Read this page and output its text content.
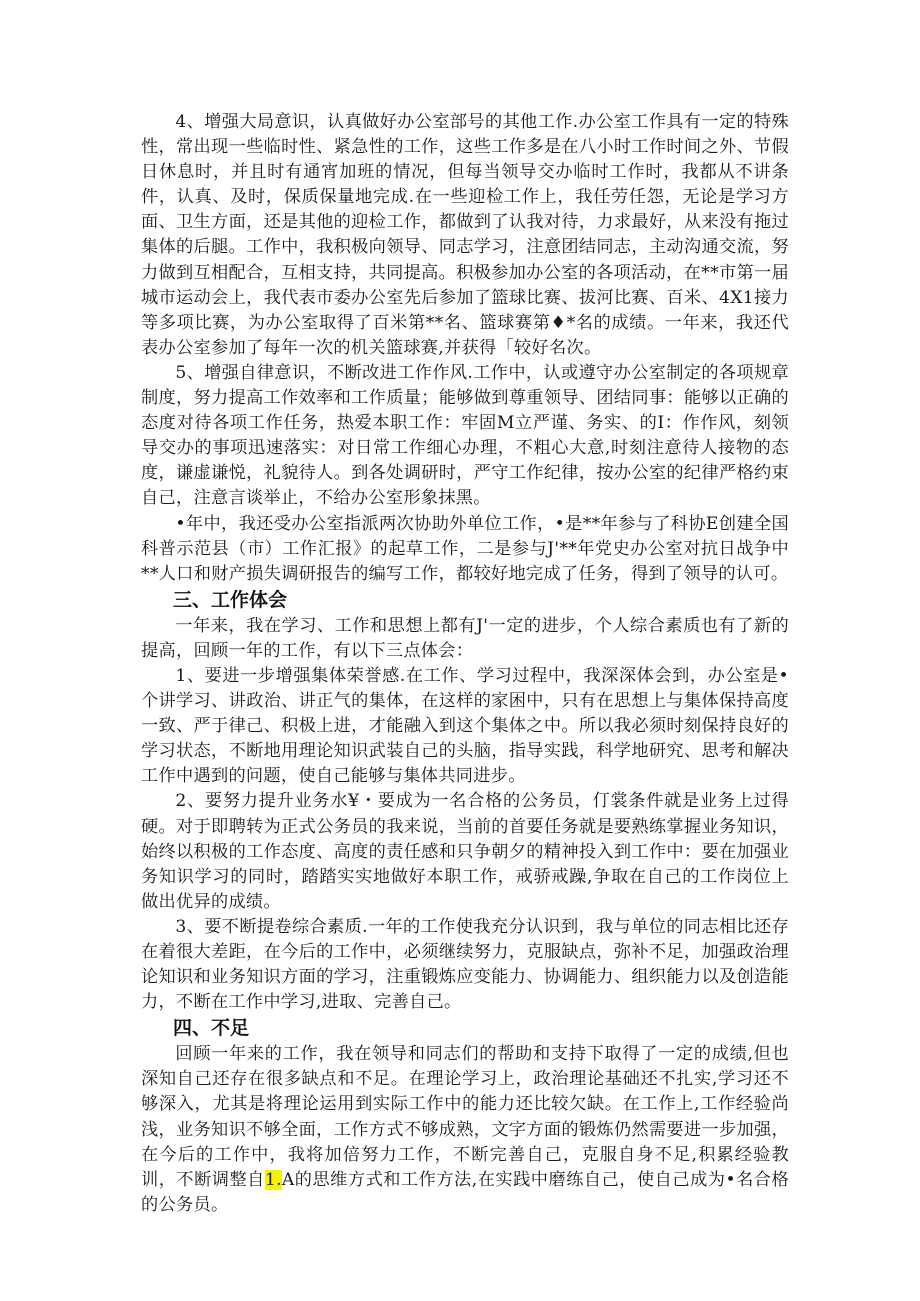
4、增强大局意识，认真做好办公室部号的其他工作.办公室工作具有一定的特殊性，常出现一些临时性、紧急性的工作，这些工作多是在八小时工作时间之外、节假日休息时，并且时有通宵加班的情况，但每当领导交办临时工作时，我都从不讲条件，认真、及时，保质保量地完成.在一些迎检工作上，我任劳任怨，无论是学习方面、卫生方面，还是其他的迎检工作，都做到了认我对待，力求最好，从来没有拖过集体的后腿。工作中，我积极向领导、同志学习，注意团结同志，主动沟通交流，努力做到互相配合，互相支持，共同提高。积极参加办公室的各项活动，在**市第一届城市运动会上，我代表市委办公室先后参加了篮球比赛、拔河比赛、百米、4X1接力等多项比赛，为办公室取得了百米第**名、篮球赛第♦*名的成绩。一年来，我还代表办公室参加了每年一次的机关篮球赛,并获得「较好名次。

5、增强自律意识，不断改进工作作风.工作中，认或遵守办公室制定的各项规章制度，努力提高工作效率和工作质量；能够做到尊重领导、团结同事：能够以正确的态度对待各项工作任务，热爱本职工作：牢固M立严谨、务实、的I：作作风，刻领导交办的事项迅速落实：对日常工作细心办理，不粗心大意,时刻注意待人接物的态度，谦虚谦悦，礼貌待人。到各处调研时，严守工作纪律，按办公室的纪律严格约束自己，注意言谈举止，不给办公室形象抹黑。

•年中，我还受办公室指派两次协助外单位工作，•是**年参与了科协E创建全国科普示范县（市）工作汇报》的起草工作，二是参与J'**年党史办公室对抗日战争中**人口和财产损失调研报告的编写工作，都较好地完成了任务，得到了领导的认可。

三、工作体会

一年来，我在学习、工作和思想上都有J'一定的进步，个人综合素质也有了新的提高，回顾一年的工作，有以下三点体会：

1、要进一步增强集体荣誉感.在工作、学习过程中，我深深体会到，办公室是•个讲学习、讲政治、讲正气的集体，在这样的家困中，只有在思想上与集体保持高度一致、严于律己、积极上进，才能融入到这个集体之中。所以我必须时刻保持良好的学习状态，不断地用理论知识武装自己的头脑，指导实践，科学地研究、思考和解决工作中遇到的问题，使自己能够与集体共同进步。

2、要努力提升业务水¥・要成为一名合格的公务员，仃裳条件就是业务上过得硬。对于即聘转为正式公务员的我来说，当前的首要任务就是要熟练掌握业务知识，始终以积极的工作态度、高度的责任感和只争朝夕的精神投入到工作中：要在加强业务知识学习的同时，踏踏实实地做好本职工作，戒骄戒躁,争取在自己的工作岗位上做出优异的成绩。

3、要不断提卷综合素质.一年的工作使我充分认识到，我与单位的同志相比还存在着很大差距，在今后的工作中，必须继续努力，克服缺点，弥补不足，加强政治理论知识和业务知识方面的学习，注重锻炼应变能力、协调能力、组织能力以及创造能力，不断在工作中学习,进取、完善自己。

四、不足

回顾一年来的工作，我在领导和同志们的帮助和支持下取得了一定的成绩,但也深知自己还存在很多缺点和不足。在理论学习上，政治理论基础还不扎实,学习还不够深入，尤其是将理论运用到实际工作中的能力还比较欠缺。在工作上,工作经验尚浅，业务知识不够全面，工作方式不够成熟，文字方面的锻炼仍然需要进一步加强，在今后的工作中，我将加倍努力工作，不断完善自己，克服自身不足,积累经验教训，不断调整自1.A的思维方式和工作方法,在实践中磨练自己，使自己成为•名合格的公务员。
